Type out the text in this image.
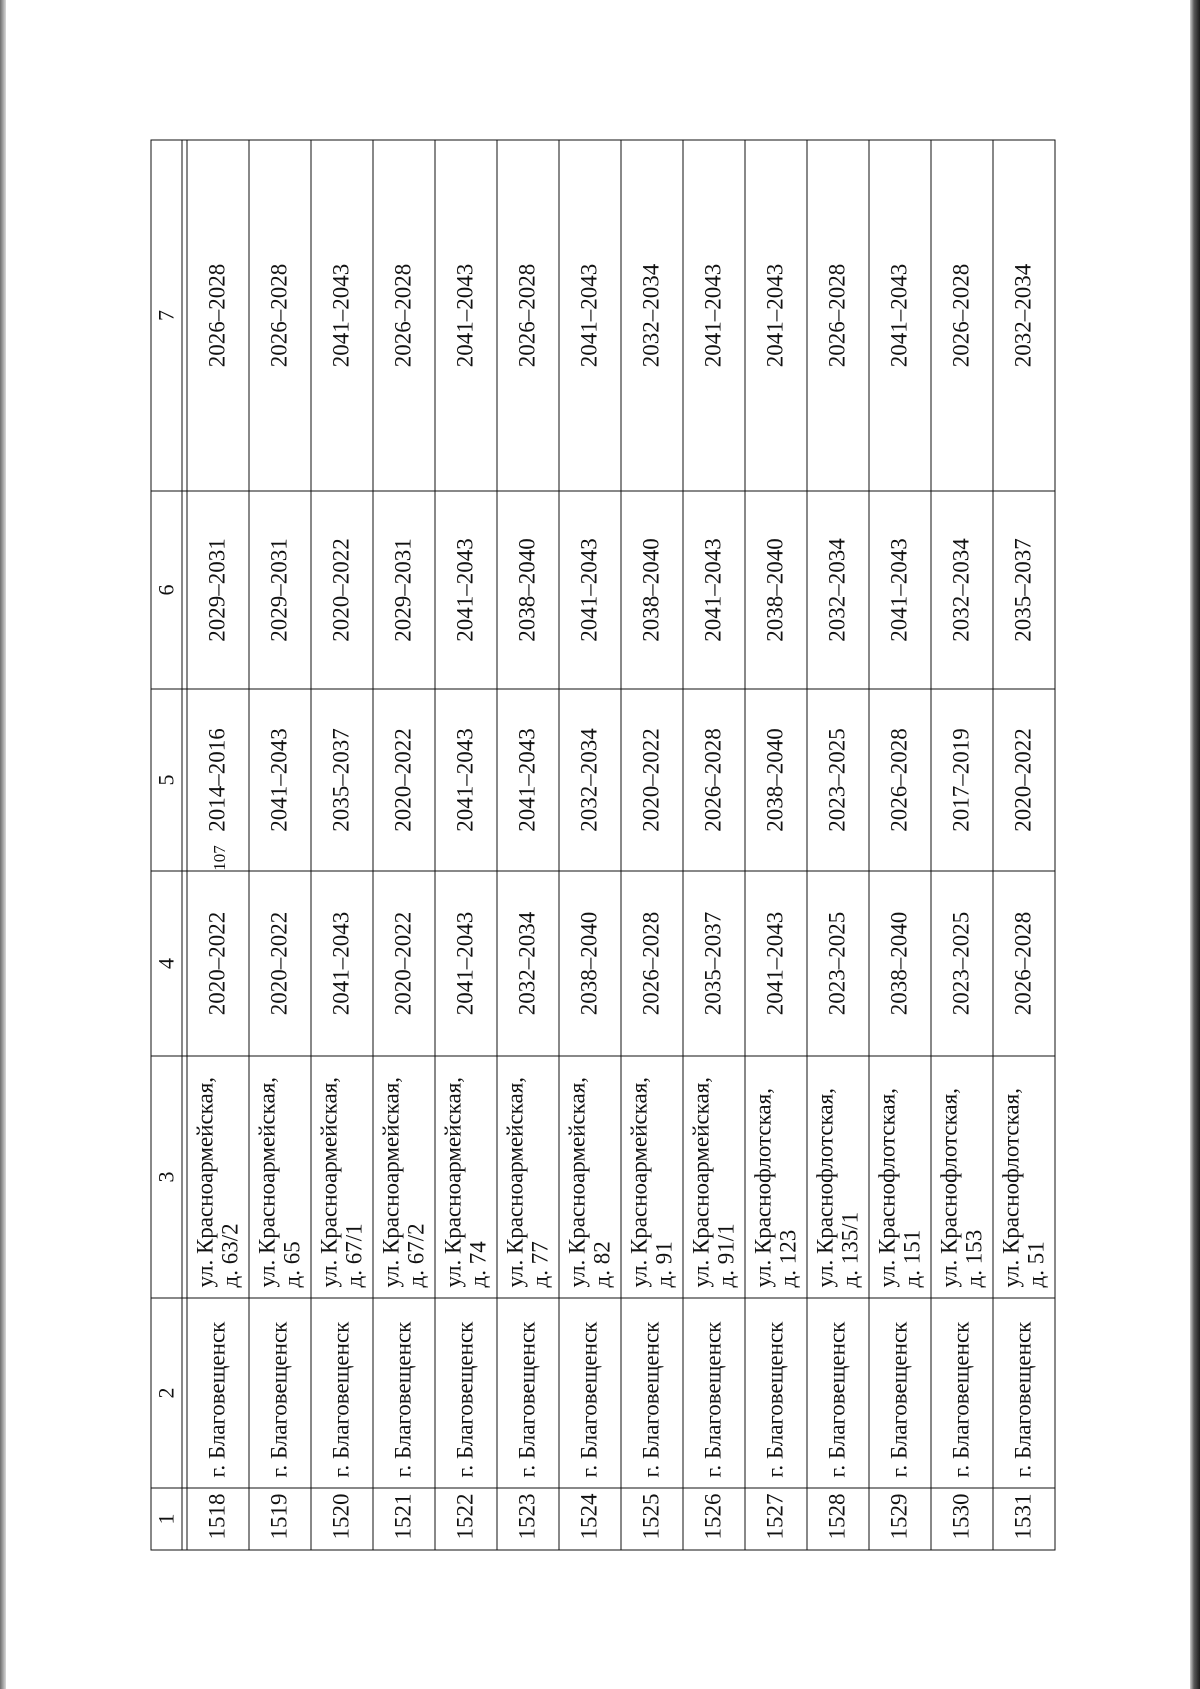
107
1	2	3	4	5	6	7

1518	г. Благовещенск	ул. Красноармейская, д. 63/2	2020–2022	2014–2016	2029–2031	2026–2028
1519	г. Благовещенск	ул. Красноармейская, д. 65	2020–2022	2041–2043	2029–2031	2026–2028
1520	г. Благовещенск	ул. Красноармейская, д. 67/1	2041–2043	2035–2037	2020–2022	2041–2043
1521	г. Благовещенск	ул. Красноармейская, д. 67/2	2020–2022	2020–2022	2029–2031	2026–2028
1522	г. Благовещенск	ул. Красноармейская, д. 74	2041–2043	2041–2043	2041–2043	2041–2043
1523	г. Благовещенск	ул. Красноармейская, д. 77	2032–2034	2041–2043	2038–2040	2026–2028
1524	г. Благовещенск	ул. Красноармейская, д. 82	2038–2040	2032–2034	2041–2043	2041–2043
1525	г. Благовещенск	ул. Красноармейская, д. 91	2026–2028	2020–2022	2038–2040	2032–2034
1526	г. Благовещенск	ул. Красноармейская, д. 91/1	2035–2037	2026–2028	2041–2043	2041–2043
1527	г. Благовещенск	ул. Краснофлотская, д. 123	2041–2043	2038–2040	2038–2040	2041–2043
1528	г. Благовещенск	ул. Краснофлотская, д. 135/1	2023–2025	2023–2025	2032–2034	2026–2028
1529	г. Благовещенск	ул. Краснофлотская, д. 151	2038–2040	2026–2028	2041–2043	2041–2043
1530	г. Благовещенск	ул. Краснофлотская, д. 153	2023–2025	2017–2019	2032–2034	2026–2028
1531	г. Благовещенск	ул. Краснофлотская, д. 51	2026–2028	2020–2022	2035–2037	2032–2034
